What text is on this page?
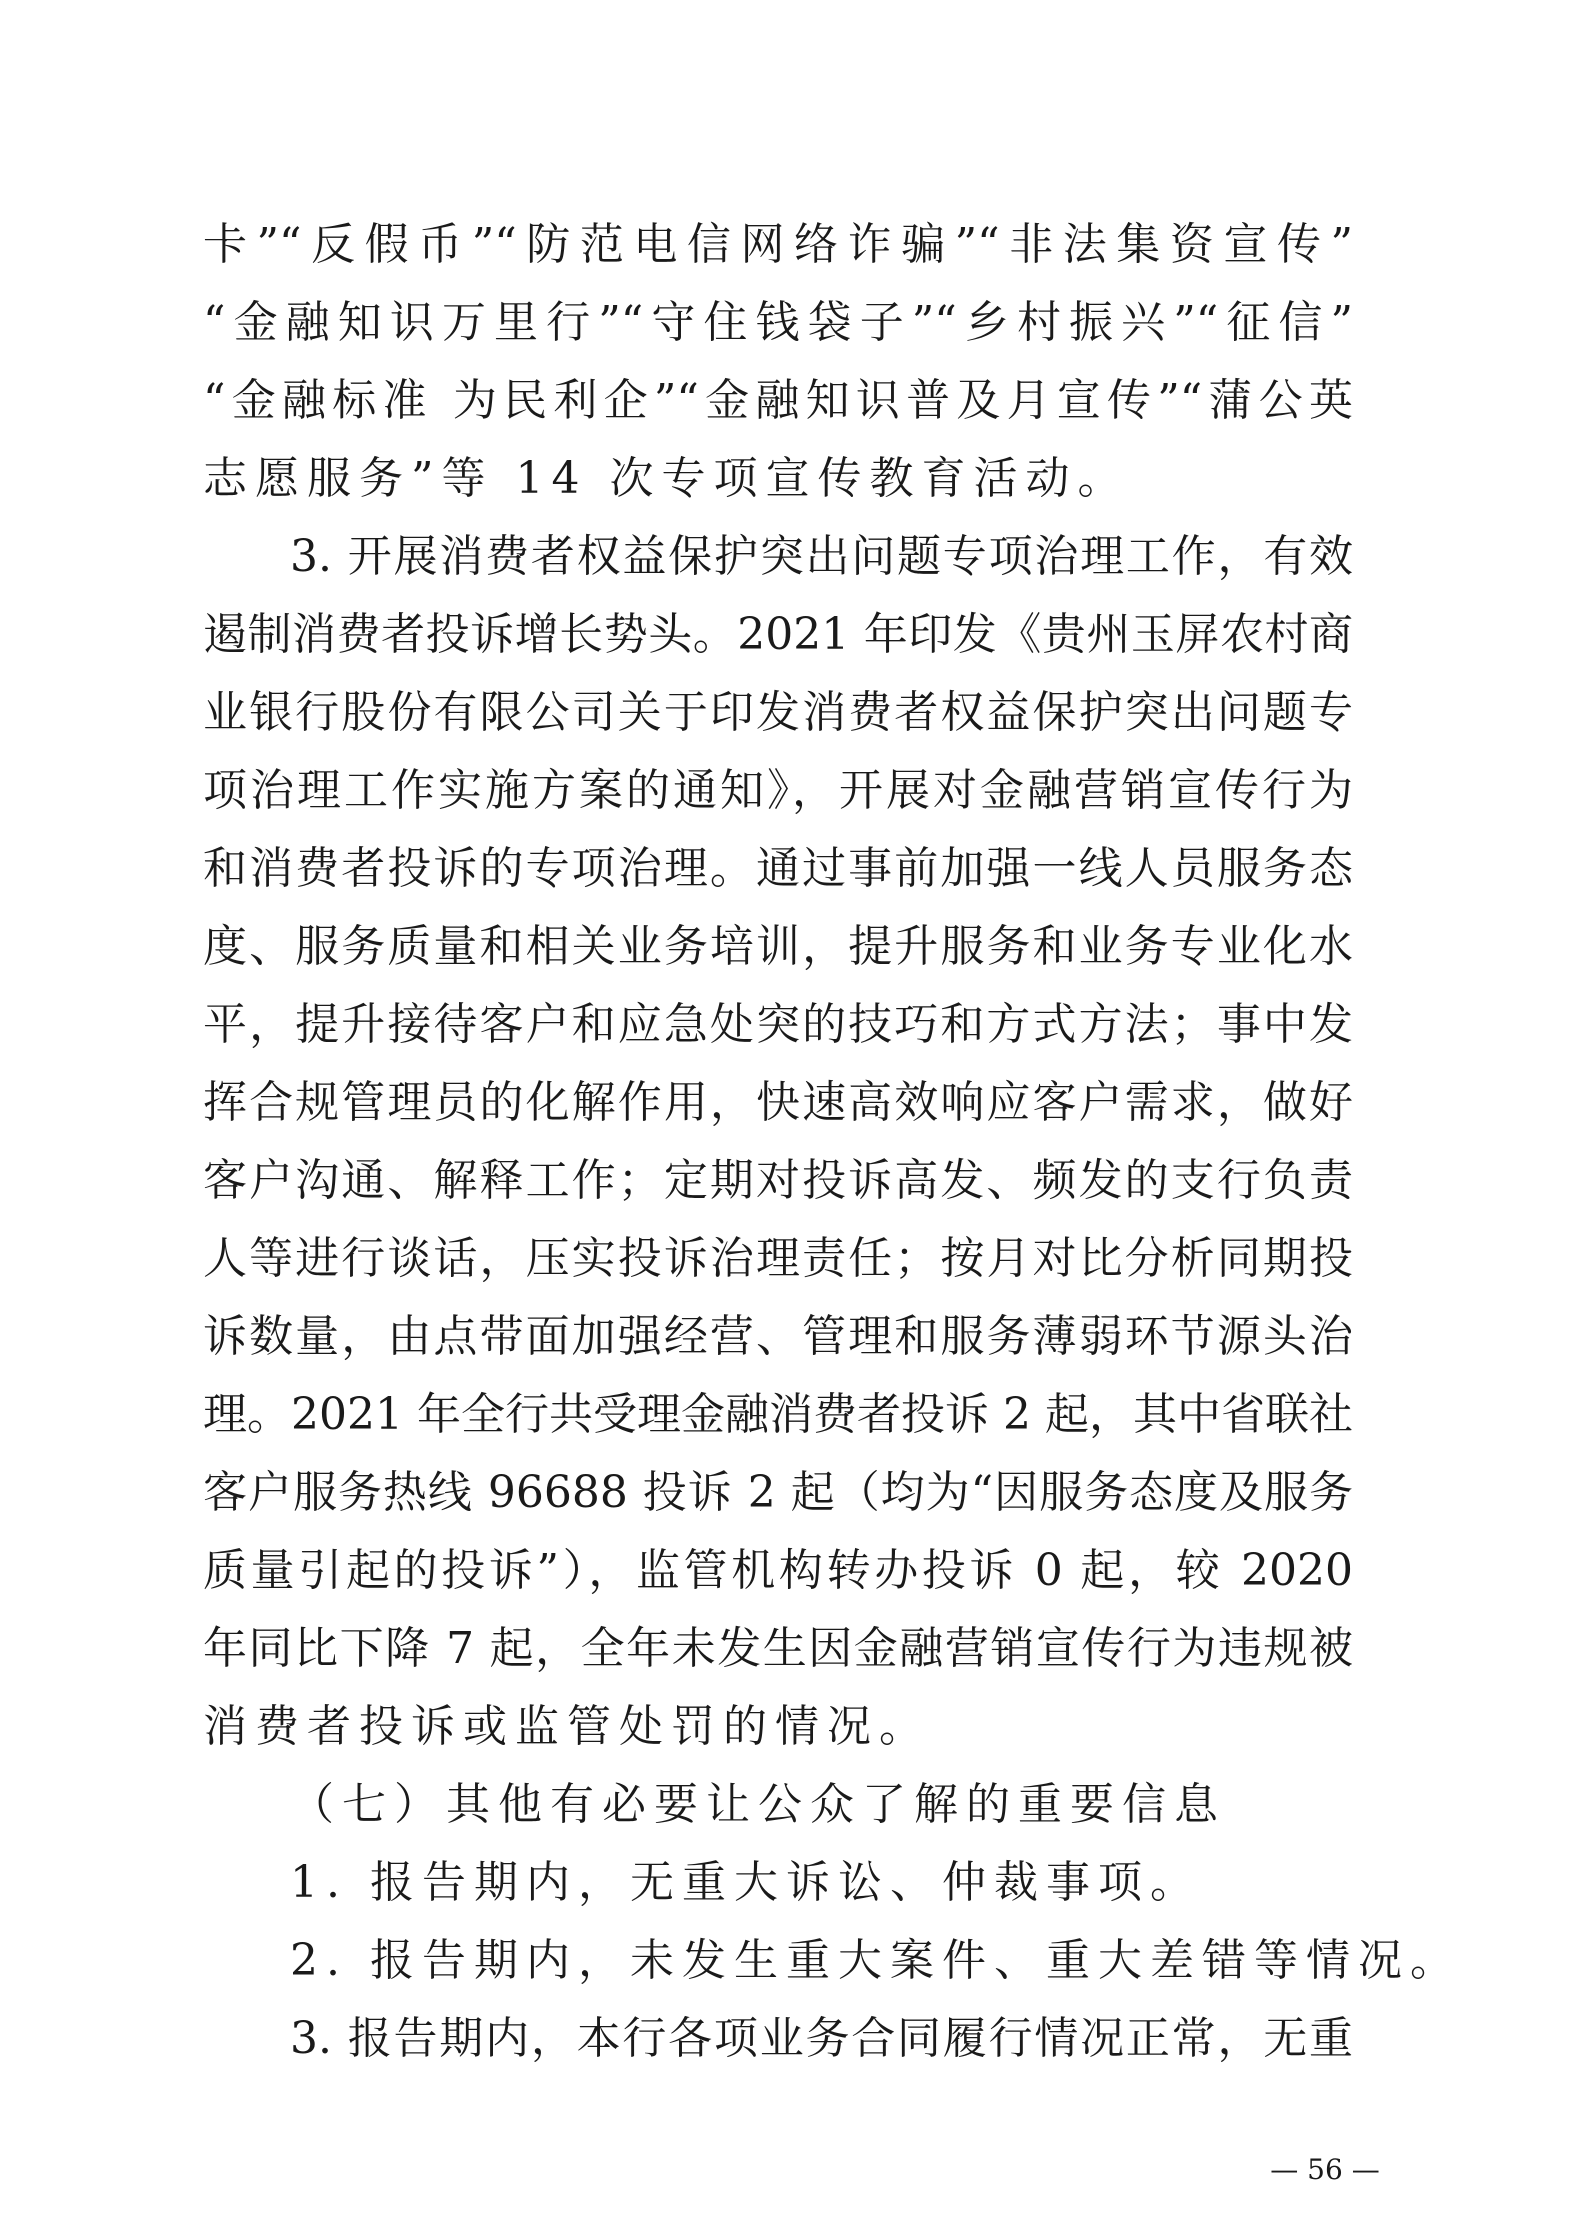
卡”“反假币”“防范电信网络诈骗”“非法集资宣传”
“金融知识万里行”“守住钱袋子”“乡村振兴”“征信”
“金融标准 为民利企”“金融知识普及月宣传”“蒲公英
志愿服务”等 14 次专项宣传教育活动。
3. 开展消费者权益保护突出问题专项治理工作，有效
遏制消费者投诉增长势头。2021 年印发《贵州玉屏农村商
业银行股份有限公司关于印发消费者权益保护突出问题专
项治理工作实施方案的通知》，开展对金融营销宣传行为
和消费者投诉的专项治理。通过事前加强一线人员服务态
度、服务质量和相关业务培训，提升服务和业务专业化水
平，提升接待客户和应急处突的技巧和方式方法；事中发
挥合规管理员的化解作用，快速高效响应客户需求，做好
客户沟通、解释工作；定期对投诉高发、频发的支行负责
人等进行谈话，压实投诉治理责任；按月对比分析同期投
诉数量，由点带面加强经营、管理和服务薄弱环节源头治
理。2021 年全行共受理金融消费者投诉 2 起，其中省联社
客户服务热线 96688 投诉 2 起（均为“因服务态度及服务
质量引起的投诉”），监管机构转办投诉 0 起，较 2020
年同比下降 7 起，全年未发生因金融营销宣传行为违规被
消费者投诉或监管处罚的情况。
（七）其他有必要让公众了解的重要信息
1. 报告期内，无重大诉讼、仲裁事项。
2. 报告期内，未发生重大案件、重大差错等情况。
3. 报告期内，本行各项业务合同履行情况正常，无重
— 56 —
